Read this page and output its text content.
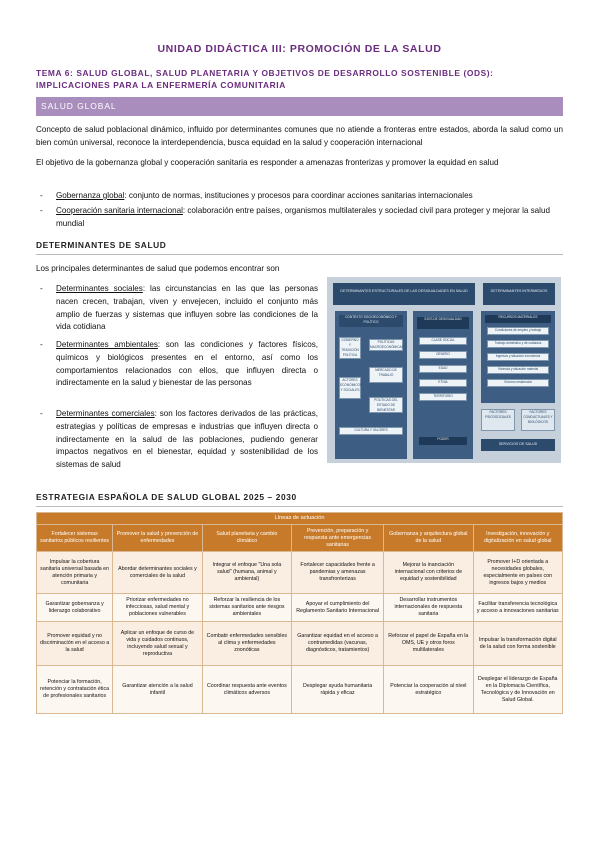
UNIDAD DIDÁCTICA III: PROMOCIÓN DE LA SALUD
TEMA 6: SALUD GLOBAL, SALUD PLANETARIA Y OBJETIVOS DE DESARROLLO SOSTENIBLE (ODS): IMPLICACIONES PARA LA ENFERMERÍA COMUNITARIA
SALUD GLOBAL
Concepto de salud poblacional dinámico, influido por determinantes comunes que no atiende a fronteras entre estados, aborda la salud como un bien común universal, reconoce la interdependencia, busca equidad en la salud y cooperación internacional
El objetivo de la gobernanza global y cooperación sanitaria es responder a amenazas fronterizas y promover la equidad en salud
- Gobernanza global: conjunto de normas, instituciones y procesos para coordinar acciones sanitarias internacionales
- Cooperación sanitaria internacional: colaboración entre países, organismos multilaterales y sociedad civil para proteger y mejorar la salud mundial
DETERMINANTES DE SALUD
Los principales determinantes de salud que podemos encontrar son
- Determinantes sociales: las circunstancias en las que las personas nacen crecen, trabajan, viven y envejecen, incluido el conjunto más amplio de fuerzas y sistemas que influyen sobre las condiciones de la vida cotidiana
- Determinantes ambientales: son las condiciones y factores físicos, químicos y biológicos presentes en el entorno, así como los comportamientos relacionados con ellos, que influyen directa o indirectamente en la salud y bienestar de las personas
- Determinantes comerciales: son los factores derivados de las prácticas, estrategias y políticas de empresas e industrias que influyen directa o indirectamente en la salud de las poblaciones, pudiendo generar impactos negativos en el bienestar, equidad y sostenibilidad de los sistemas de salud
DETERMINANTES ESTRUCTURALES DE LAS DESIGUALDADES EN SALUD	DETERMINANTES INTERMEDIOS
CONTEXTO SOCIOECONÓMICO Y POLÍTICO
GOBIERNO Y TRADICIÓN POLÍTICA
ACTORES ECONÓMICOS Y SOCIALES
POLÍTICAS MACROECONÓMICAS
MERCADO DE TRABAJO
POLÍTICAS DEL ESTADO DE BIENESTAR
CULTURA Y VALORES
EJES DE DESIGUALDAD
CLASE SOCIAL
GÉNERO
EDAD
ETNIA
TERRITORIO
PODER
RECURSOS MATERIALES
Condiciones de empleo y trabajo
Trabajo doméstico y de cuidados
Ingresos y situación económica
Vivienda y situación material
Entorno residencial
FACTORES PSICOSOCIALES
FACTORES CONDUCTUALES Y BIOLÓGICOS
SERVICIOS DE SALUD
ESTRATEGIA ESPAÑOLA DE SALUD GLOBAL 2025 – 2030
Líneas de actuación					
Fortalecer sistemas sanitarios públicos resilientes	Promover la salud y prevención de enfermedades	Salud planetaria y cambio climático	Prevención, preparación y respuesta ante emergencias sanitarias	Gobernanza y arquitectura global de la salud	Investigación, innovación y digitalización en salud global
Impulsar la cobertura sanitaria universal basada en atención primaria y comunitaria	Abordar determinantes sociales y comerciales de la salud	Integrar el enfoque "Una sola salud" (humana, animal y ambiental)	Fortalecer capacidades frente a pandemias y amenazas transfronterizas	Mejorar la inanciación internacional con criterios de equidad y sostenibilidad	Promover I+D orientada a necesidades globales, especialmente en países con ingresos bajos y medios
Garantizar gobernanza y liderazgo colaborativo	Priorizar enfermedades no infecciosas, salud mental y poblaciones vulnerables	Reforzar la resiliencia de los sistemas sanitarios ante riesgos ambientales	Apoyar el cumplimiento del Reglamento Sanitario Internacional	Desarrollar instrumentos internacionales de respuesta sanitaria	Facilitar transferencia tecnológica y acceso a innovaciones sanitarias
Promover equidad y no discriminación en el acceso a la salud	Aplicar un enfoque de curso de vida y cuidados continuos, incluyendo salud sexual y reproductiva	Combatir enfermedades sensibles al clima y enfermedades zoonóticas	Garantizar equidad en el acceso a contramedidas (vacunas, diagnósticos, tratamientos)	Reforzar el papel de España en la OMS, UE y otros foros multilaterales	Impulsar la transformación digital de la salud con forma sostenible
Potenciar la formación, retención y contratación ética de profesionales sanitarios	Garantizar atención a la salud infantil	Coordinar respuesta ante eventos climáticos adversos	Desplegar ayuda humanitaria rápida y eficaz	Potenciar la cooperación al nivel estratégico	Desplegar el liderazgo de España en la Diplomacia Científica, Tecnológica y de Innovación en Salud Global.
